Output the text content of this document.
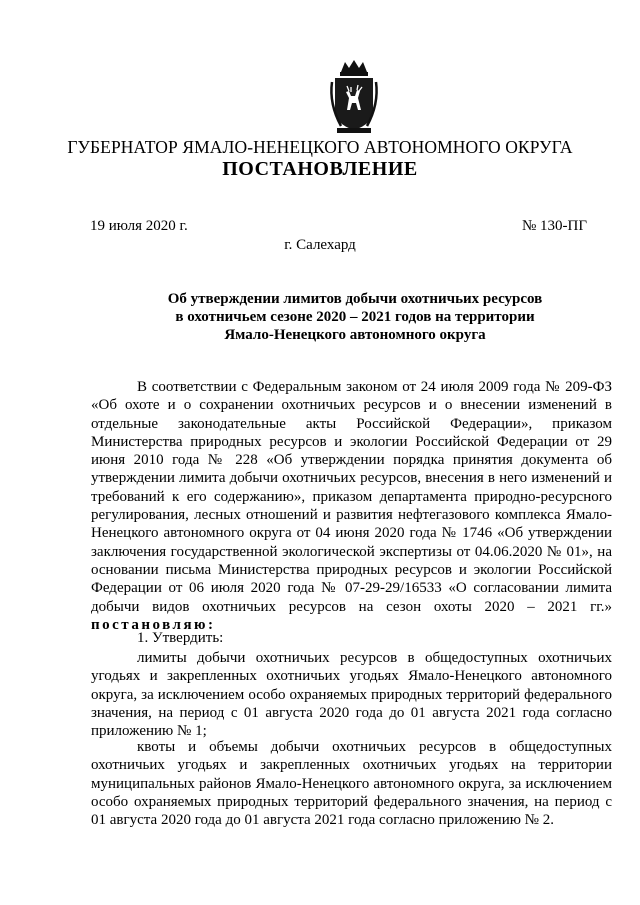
ГУБЕРНАТОР ЯМАЛО-НЕНЕЦКОГО АВТОНОМНОГО ОКРУГА
ПОСТАНОВЛЕНИЕ
19 июля 2020 г.	№ 130-ПГ
г. Салехард
Об утверждении лимитов добычи охотничьих ресурсов
в охотничьем сезоне 2020 – 2021 годов на территории
Ямало-Ненецкого автономного округа
В соответствии с Федеральным законом от 24 июля 2009 года № 209-ФЗ «Об охоте и о сохранении охотничьих ресурсов и о внесении изменений в отдельные законодательные акты Российской Федерации», приказом Министерства природных ресурсов и экологии Российской Федерации от 29 июня 2010 года № 228 «Об утверждении порядка принятия документа об утверждении лимита добычи охотничьих ресурсов, внесения в него изменений и требований к его содержанию», приказом департамента природно-ресурсного регулирования, лесных отношений и развития нефтегазового комплекса Ямало-Ненецкого автономного округа от 04 июня 2020 года № 1746 «Об утверждении заключения государственной экологической экспертизы от 04.06.2020 № 01», на основании письма Министерства природных ресурсов и экологии Российской Федерации от 06 июля 2020 года № 07-29-29/16533 «О согласовании лимита добычи видов охотничьих ресурсов на сезон охоты 2020 – 2021 гг.» постановляю:
1. Утвердить:
лимиты добычи охотничьих ресурсов в общедоступных охотничьих угодьях и закрепленных охотничьих угодьях Ямало-Ненецкого автономного округа, за исключением особо охраняемых природных территорий федерального значения, на период с 01 августа 2020 года до 01 августа 2021 года согласно приложению № 1;
квоты и объемы добычи охотничьих ресурсов в общедоступных охотничьих угодьях и закрепленных охотничьих угодьях на территории муниципальных районов Ямало-Ненецкого автономного округа, за исключением особо охраняемых природных территорий федерального значения, на период с 01 августа 2020 года до 01 августа 2021 года согласно приложению № 2.
